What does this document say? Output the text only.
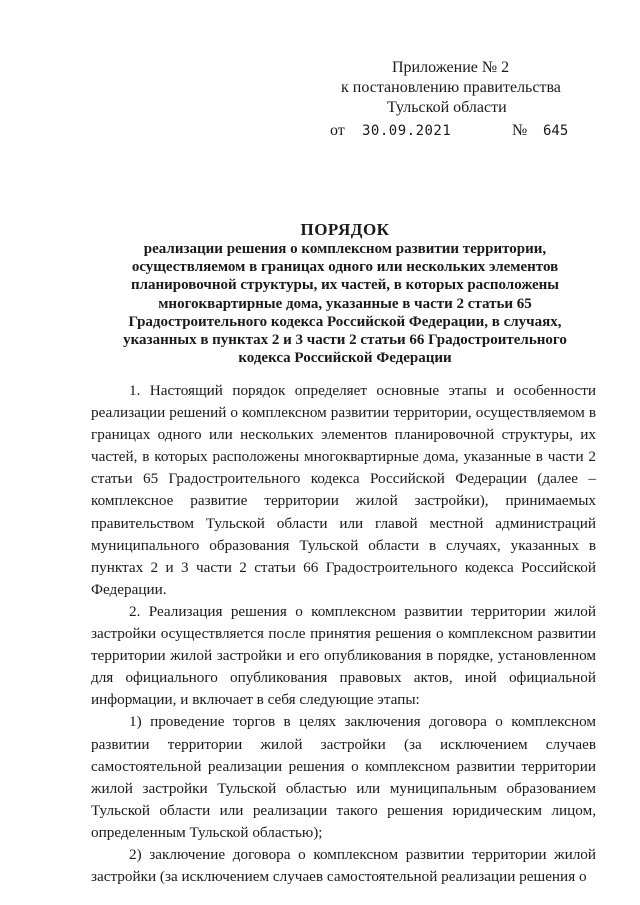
Приложение № 2
к постановлению правительства
Тульской области
от 30.09.2021	№ 645
ПОРЯДОК
реализации решения о комплексном развитии территории,
осуществляемом в границах одного или нескольких элементов
планировочной структуры, их частей, в которых расположены
многоквартирные дома, указанные в части 2 статьи 65
Градостроительного кодекса Российской Федерации, в случаях,
указанных в пунктах 2 и 3 части 2 статьи 66 Градостроительного
кодекса Российской Федерации

1. Настоящий порядок определяет основные этапы и особенности реализации решений о комплексном развитии территории, осуществляемом в границах одного или нескольких элементов планировочной структуры, их частей, в которых расположены многоквартирные дома, указанные в части 2 статьи 65 Градостроительного кодекса Российской Федерации (далее – комплексное развитие территории жилой застройки), принимаемых правительством Тульской области или главой местной администраций муниципального образования Тульской области в случаях, указанных в пунктах 2 и 3 части 2 статьи 66 Градостроительного кодекса Российской Федерации.

2. Реализация решения о комплексном развитии территории жилой застройки осуществляется после принятия решения о комплексном развитии территории жилой застройки и его опубликования в порядке, установленном для официального опубликования правовых актов, иной официальной информации, и включает в себя следующие этапы:

1) проведение торгов в целях заключения договора о комплексном развитии территории жилой застройки (за исключением случаев самостоятельной реализации решения о комплексном развитии территории жилой застройки Тульской областью или муниципальным образованием Тульской области или реализации такого решения юридическим лицом, определенным Тульской областью);

2) заключение договора о комплексном развитии территории жилой застройки (за исключением случаев самостоятельной реализации решения о
